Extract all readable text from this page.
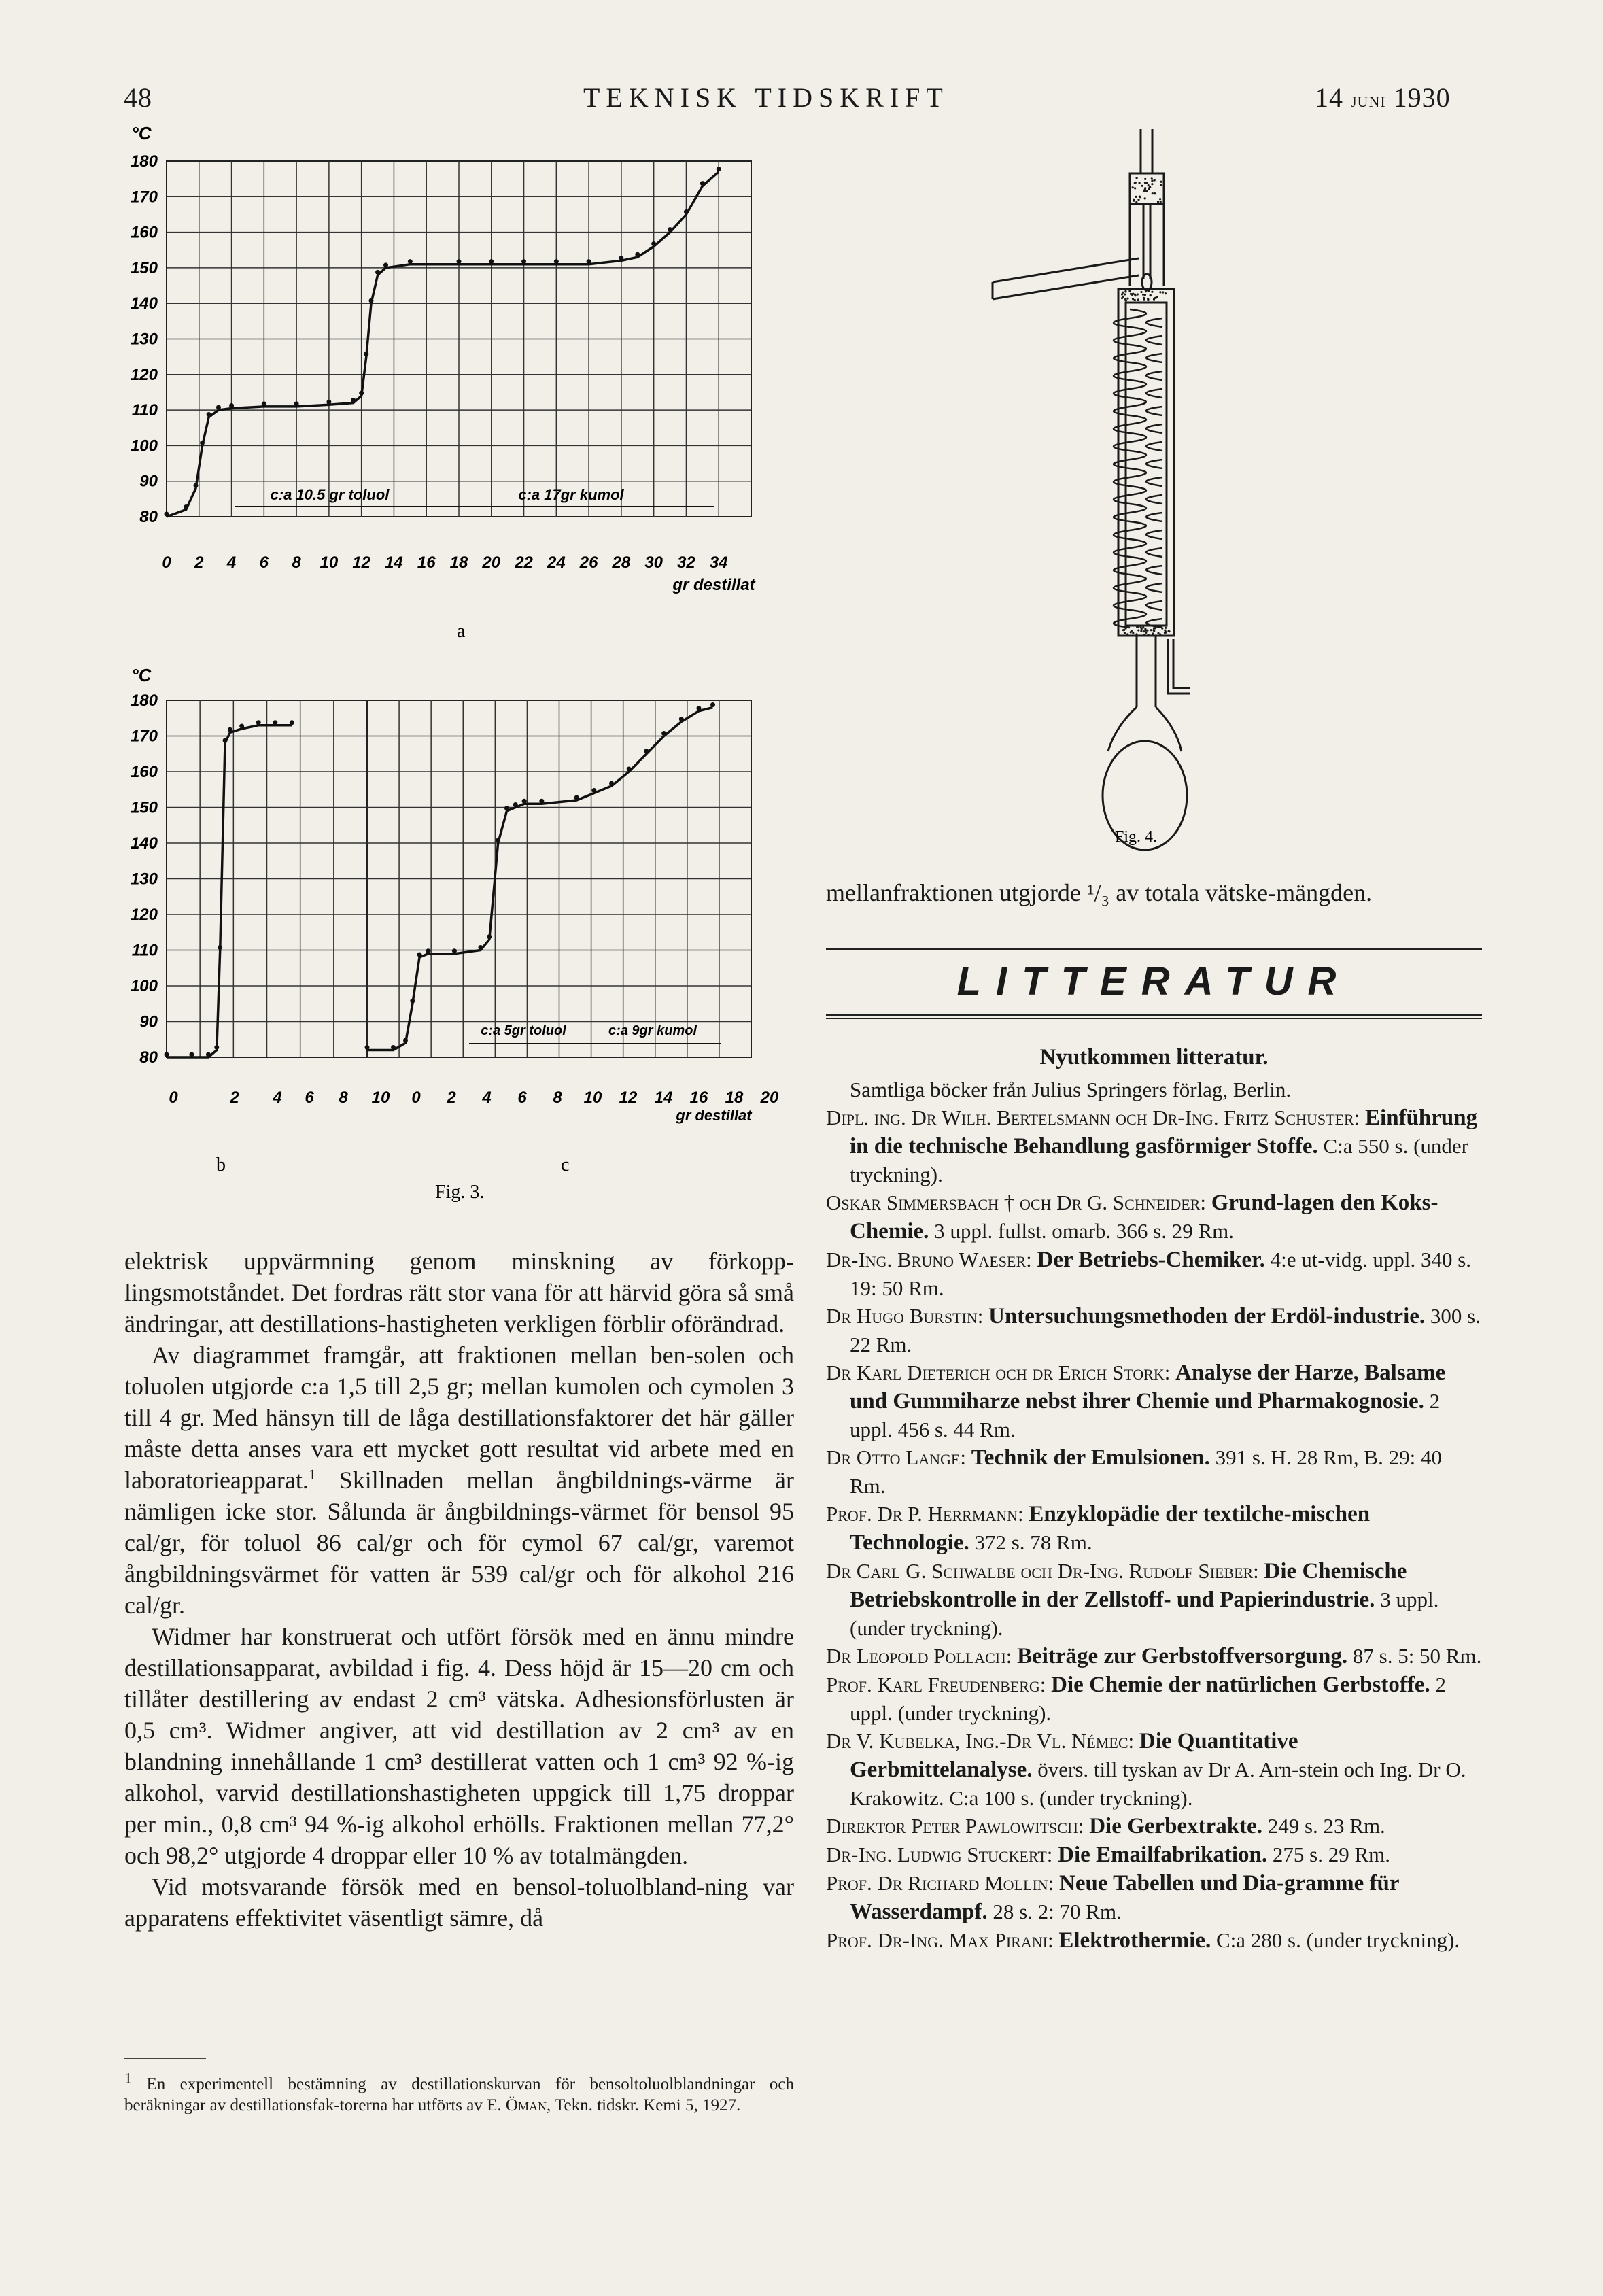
48	TEKNISK TIDSKRIFT	14 juni 1930
180
170
160
150
140
130
120
110
100
90
80
°C
0 2 4 6 8 10 12 14 16 18 20 22 24 26 28 30 32 34
gr destillat
c:a 10.5 gr toluol	c:a 17gr kumol
180
170
160
150
140
130
120
110
100
90
80
°C
0	2 4 6 8 10 0 2 4 6 8 10 12 14 16 18 20
gr destillat
c:a 5gr toluol	c:a 9gr kumol
a
b	c
Fig. 3.
Fig. 4.

elektrisk uppvärmning genom minskning av förkopp-lingsmotståndet. Det fordras rätt stor vana för att härvid göra så små ändringar, att destillations-hastigheten verkligen förblir oförändrad.

Av diagrammet framgår, att fraktionen mellan ben-solen och toluolen utgjorde c:a 1,5 till 2,5 gr; mellan kumolen och cymolen 3 till 4 gr. Med hänsyn till de låga destillationsfaktorer det här gäller måste detta anses vara ett mycket gott resultat vid arbete med en laboratorieapparat.$^1$ Skillnaden mellan ångbildnings-värme är nämligen icke stor. Sålunda är ångbildnings-värmet för bensol 95 cal/gr, för toluol 86 cal/gr och för cymol 67 cal/gr, varemot ångbildningsvärmet för vatten är 539 cal/gr och för alkohol 216 cal/gr.

Widmer har konstruerat och utfört försök med en ännu mindre destillationsapparat, avbildad i fig. 4. Dess höjd är 15—20 cm och tillåter destillering av endast 2 cm³ vätska. Adhesionsförlusten är 0,5 cm³. Widmer angiver, att vid destillation av 2 cm³ av en blandning innehållande 1 cm³ destillerat vatten och 1 cm³ 92 %-ig alkohol, varvid destillationshastigheten uppgick till 1,75 droppar per min., 0,8 cm³ 94 %-ig alkohol erhölls. Fraktionen mellan 77,2° och 98,2° utgjorde 4 droppar eller 10 % av totalmängden.

Vid motsvarande försök med en bensol-toluolbland-ning var apparatens effektivitet väsentligt sämre, då

$^1$ En experimentell bestämning av destillationskurvan för bensoltoluolblandningar och beräkningar av destillationsfak-torerna har utförts av E. Öman, Tekn. tidskr. Kemi 5, 1927.
mellanfraktionen utgjorde ¹/₃ av totala vätske-mängden.
LITTERATUR
Nyutkommen litteratur.

Samtliga böcker från Julius Springers förlag, Berlin.

Dipl. ing. Dr Wilh. Bertelsmann och Dr-Ing. Fritz Schuster: Einführung in die technische Behandlung gasförmiger Stoffe. C:a 550 s. (under tryckning).

Oskar Simmersbach † och Dr G. Schneider: Grund-lagen den Koks-Chemie. 3 uppl. fullst. omarb. 366 s. 29 Rm.

Dr-Ing. Bruno Waeser: Der Betriebs-Chemiker. 4:e ut-vidg. uppl. 340 s. 19: 50 Rm.

Dr Hugo Burstin: Untersuchungsmethoden der Erdöl-industrie. 300 s. 22 Rm.

Dr Karl Dieterich och dr Erich Stork: Analyse der Harze, Balsame und Gummiharze nebst ihrer Chemie und Pharmakognosie. 2 uppl. 456 s. 44 Rm.

Dr Otto Lange: Technik der Emulsionen. 391 s. H. 28 Rm, B. 29: 40 Rm.

Prof. Dr P. Herrmann: Enzyklopädie der textilche-mischen Technologie. 372 s. 78 Rm.

Dr Carl G. Schwalbe och Dr-Ing. Rudolf Sieber: Die Chemische Betriebskontrolle in der Zellstoff- und Papierindustrie. 3 uppl. (under tryckning).

Dr Leopold Pollach: Beiträge zur Gerbstoffversorgung. 87 s. 5: 50 Rm.

Prof. Karl Freudenberg: Die Chemie der natürlichen Gerbstoffe. 2 uppl. (under tryckning).

Dr V. Kubelka, Ing.-Dr Vl. Némec: Die Quantitative Gerbmittelanalyse. övers. till tyskan av Dr A. Arn-stein och Ing. Dr O. Krakowitz. C:a 100 s. (under tryckning).

Direktor Peter Pawlowitsch: Die Gerbextrakte. 249 s. 23 Rm.

Dr-Ing. Ludwig Stuckert: Die Emailfabrikation. 275 s. 29 Rm.

Prof. Dr Richard Mollin: Neue Tabellen und Dia-gramme für Wasserdampf. 28 s. 2: 70 Rm.

Prof. Dr-Ing. Max Pirani: Elektrothermie. C:a 280 s. (under tryckning).
